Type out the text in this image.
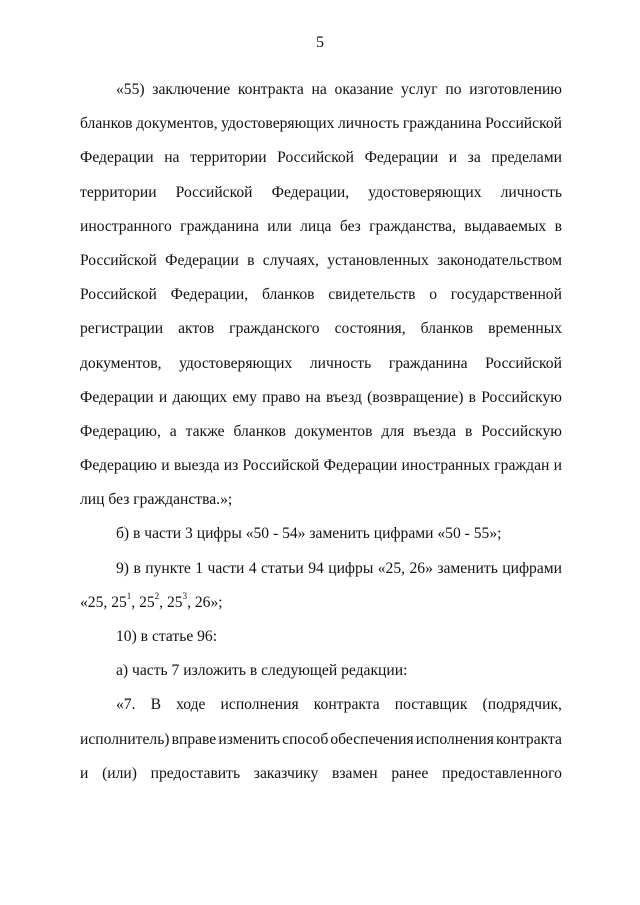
5
«55) заключение контракта на оказание услуг по изготовлению
бланков документов, удостоверяющих личность гражданина Российской
Федерации на территории Российской Федерации и за пределами
территории Российской Федерации, удостоверяющих личность
иностранного гражданина или лица без гражданства, выдаваемых в
Российской Федерации в случаях, установленных законодательством
Российской Федерации, бланков свидетельств о государственной
регистрации актов гражданского состояния, бланков временных
документов, удостоверяющих личность гражданина Российской
Федерации и дающих ему право на въезд (возвращение) в Российскую
Федерацию, а также бланков документов для въезда в Российскую
Федерацию и выезда из Российской Федерации иностранных граждан и
лиц без гражданства.»;
б) в части 3 цифры «50 - 54» заменить цифрами «50 - 55»;
9) в пункте 1 части 4 статьи 94 цифры «25, 26» заменить цифрами
«25, $25^1$, $25^2$, $25^3$, 26»;
10) в статье 96:
а) часть 7 изложить в следующей редакции:
«7. В ходе исполнения контракта поставщик (подрядчик,
исполнитель) вправе изменить способ обеспечения исполнения контракта
и (или) предоставить заказчику взамен ранее предоставленного
